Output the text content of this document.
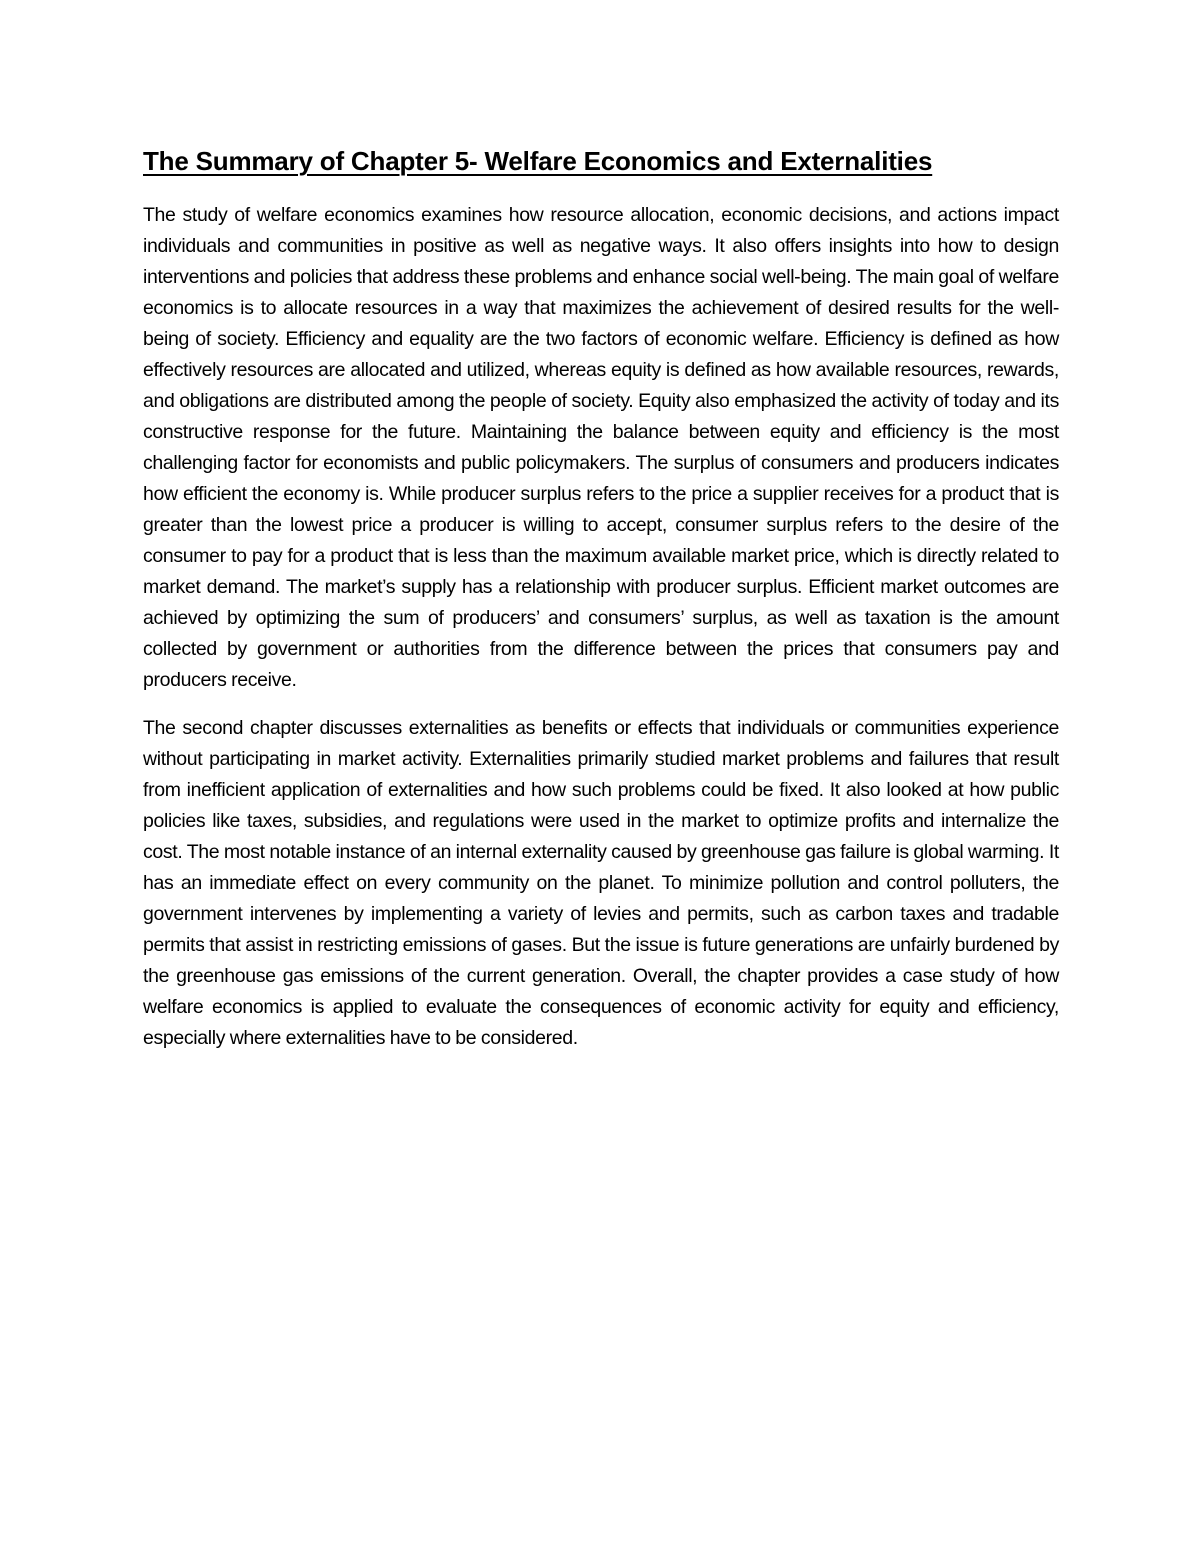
The Summary of Chapter 5- Welfare Economics and Externalities

The study of welfare economics examines how resource allocation, economic decisions, and actions impact individuals and communities in positive as well as negative ways. It also offers insights into how to design interventions and policies that address these problems and enhance social well-being. The main goal of welfare economics is to allocate resources in a way that maximizes the achievement of desired results for the well-being of society. Efficiency and equality are the two factors of economic welfare. Efficiency is defined as how effectively resources are allocated and utilized, whereas equity is defined as how available resources, rewards, and obligations are distributed among the people of society. Equity also emphasized the activity of today and its constructive response for the future. Maintaining the balance between equity and efficiency is the most challenging factor for economists and public policymakers. The surplus of consumers and producers indicates how efficient the economy is. While producer surplus refers to the price a supplier receives for a product that is greater than the lowest price a producer is willing to accept, consumer surplus refers to the desire of the consumer to pay for a product that is less than the maximum available market price, which is directly related to market demand. The market’s supply has a relationship with producer surplus. Efficient market outcomes are achieved by optimizing the sum of producers’ and consumers’ surplus, as well as taxation is the amount collected by government or authorities from the difference between the prices that consumers pay and producers receive.

The second chapter discusses externalities as benefits or effects that individuals or communities experience without participating in market activity. Externalities primarily studied market problems and failures that result from inefficient application of externalities and how such problems could be fixed. It also looked at how public policies like taxes, subsidies, and regulations were used in the market to optimize profits and internalize the cost. The most notable instance of an internal externality caused by greenhouse gas failure is global warming. It has an immediate effect on every community on the planet. To minimize pollution and control polluters, the government intervenes by implementing a variety of levies and permits, such as carbon taxes and tradable permits that assist in restricting emissions of gases. But the issue is future generations are unfairly burdened by the greenhouse gas emissions of the current generation. Overall, the chapter provides a case study of how welfare economics is applied to evaluate the consequences of economic activity for equity and efficiency, especially where externalities have to be considered.
